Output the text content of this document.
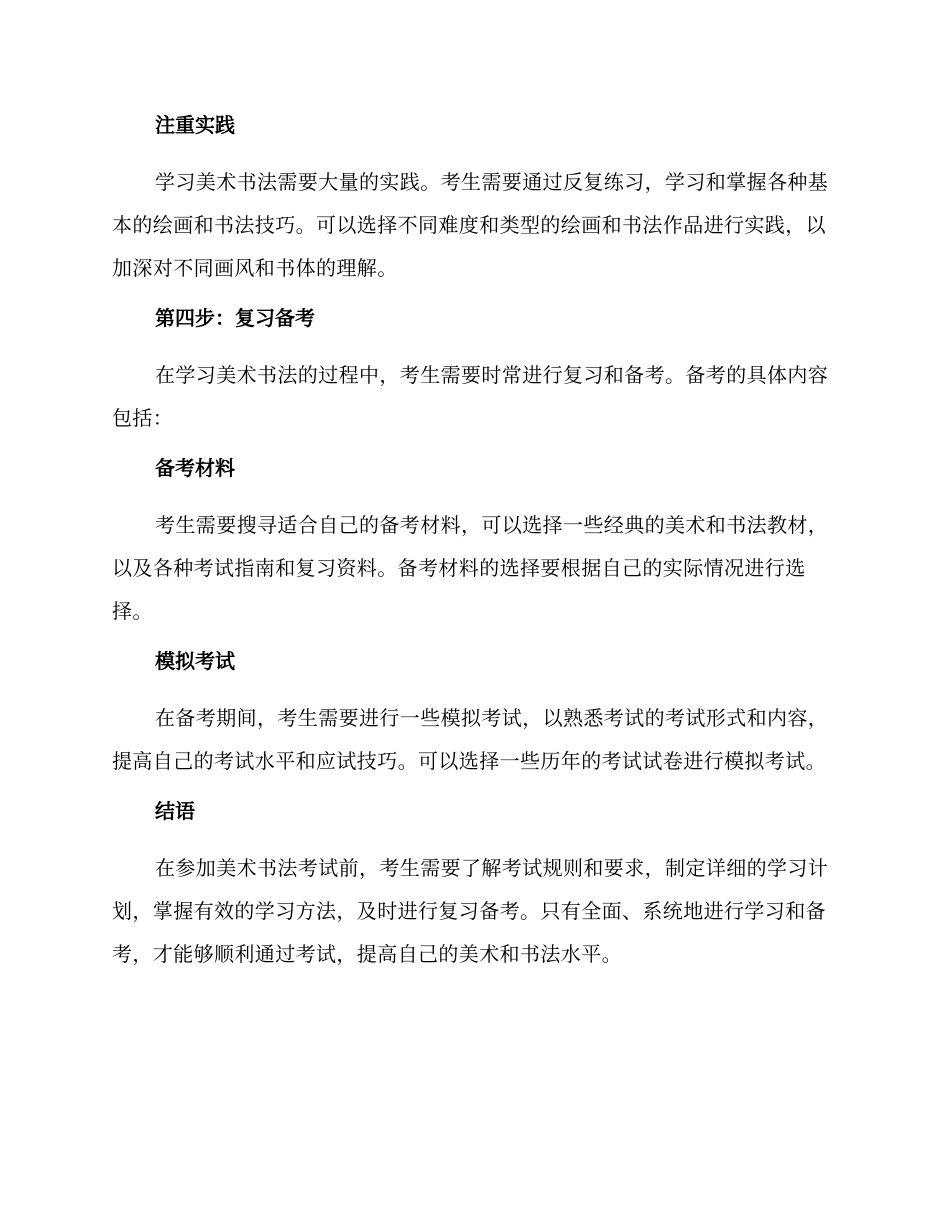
注重实践

学习美术书法需要大量的实践。考生需要通过反复练习，学习和掌握各种基本的绘画和书法技巧。可以选择不同难度和类型的绘画和书法作品进行实践，以加深对不同画风和书体的理解。

第四步：复习备考

在学习美术书法的过程中，考生需要时常进行复习和备考。备考的具体内容包括：

备考材料

考生需要搜寻适合自己的备考材料，可以选择一些经典的美术和书法教材，以及各种考试指南和复习资料。备考材料的选择要根据自己的实际情况进行选择。

模拟考试

在备考期间，考生需要进行一些模拟考试，以熟悉考试的考试形式和内容，提高自己的考试水平和应试技巧。可以选择一些历年的考试试卷进行模拟考试。

结语

在参加美术书法考试前，考生需要了解考试规则和要求，制定详细的学习计划，掌握有效的学习方法，及时进行复习备考。只有全面、系统地进行学习和备考，才能够顺利通过考试，提高自己的美术和书法水平。
